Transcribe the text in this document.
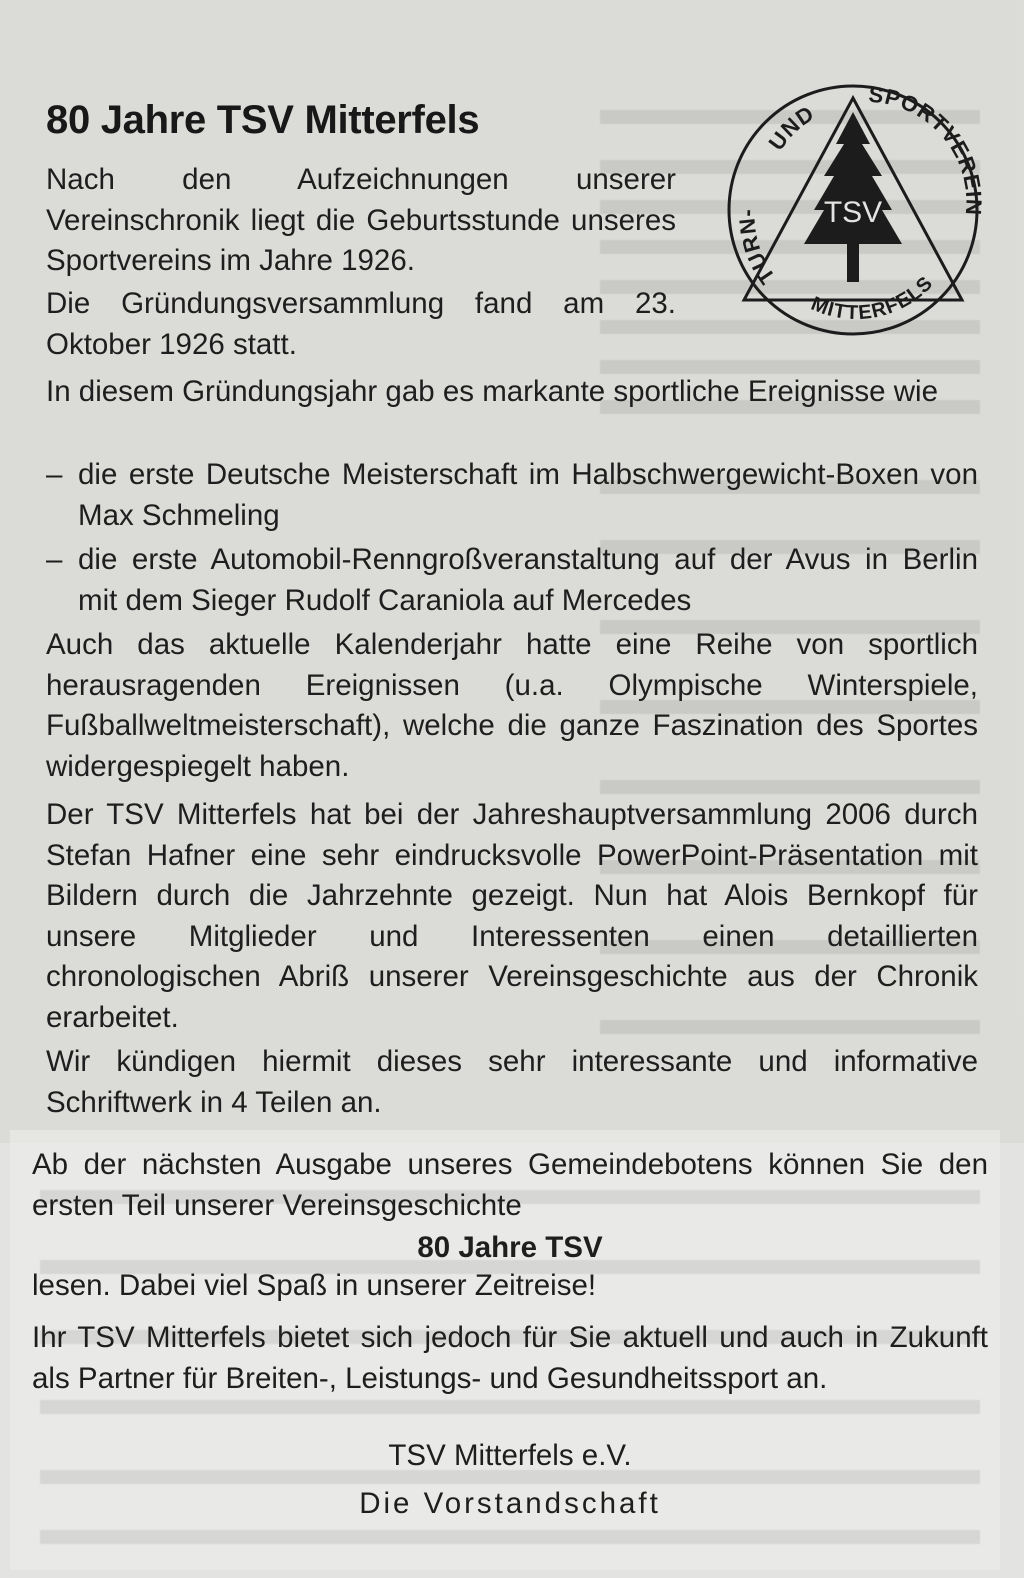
80 Jahre TSV Mitterfels
TSV
TURN-
UND
SPORTVEREIN
MITTERFELS

Nach den Aufzeichnungen unserer Vereinschronik liegt die Geburtsstunde unseres Sportvereins im Jahre 1926.

Die Gründungsversammlung fand am 23. Oktober 1926 statt.

In diesem Gründungsjahr gab es markante sportliche Ereignisse wie

– die erste Deutsche Meisterschaft im Halbschwergewicht-Boxen von Max Schmeling
– die erste Automobil-Renngroßveranstaltung auf der Avus in Berlin mit dem Sieger Rudolf Caraniola auf Mercedes

Auch das aktuelle Kalenderjahr hatte eine Reihe von sportlich herausragenden Ereignissen (u.a. Olympische Winterspiele, Fußballweltmeisterschaft), welche die ganze Faszination des Sportes widergespiegelt haben.

Der TSV Mitterfels hat bei der Jahreshauptversammlung 2006 durch Stefan Hafner eine sehr eindrucksvolle PowerPoint-Präsentation mit Bildern durch die Jahrzehnte gezeigt. Nun hat Alois Bernkopf für unsere Mitglieder und Interessenten einen detaillierten chronologischen Abriß unserer Vereinsgeschichte aus der Chronik erarbeitet.

Wir kündigen hiermit dieses sehr interessante und informative Schriftwerk in 4 Teilen an.

Ab der nächsten Ausgabe unseres Gemeindebotens können Sie den ersten Teil unserer Vereinsgeschichte

80 Jahre TSV

lesen. Dabei viel Spaß in unserer Zeitreise!

Ihr TSV Mitterfels bietet sich jedoch für Sie aktuell und auch in Zukunft als Partner für Breiten-, Leistungs- und Gesundheitssport an.

TSV Mitterfels e.V.

Die Vorstandschaft
